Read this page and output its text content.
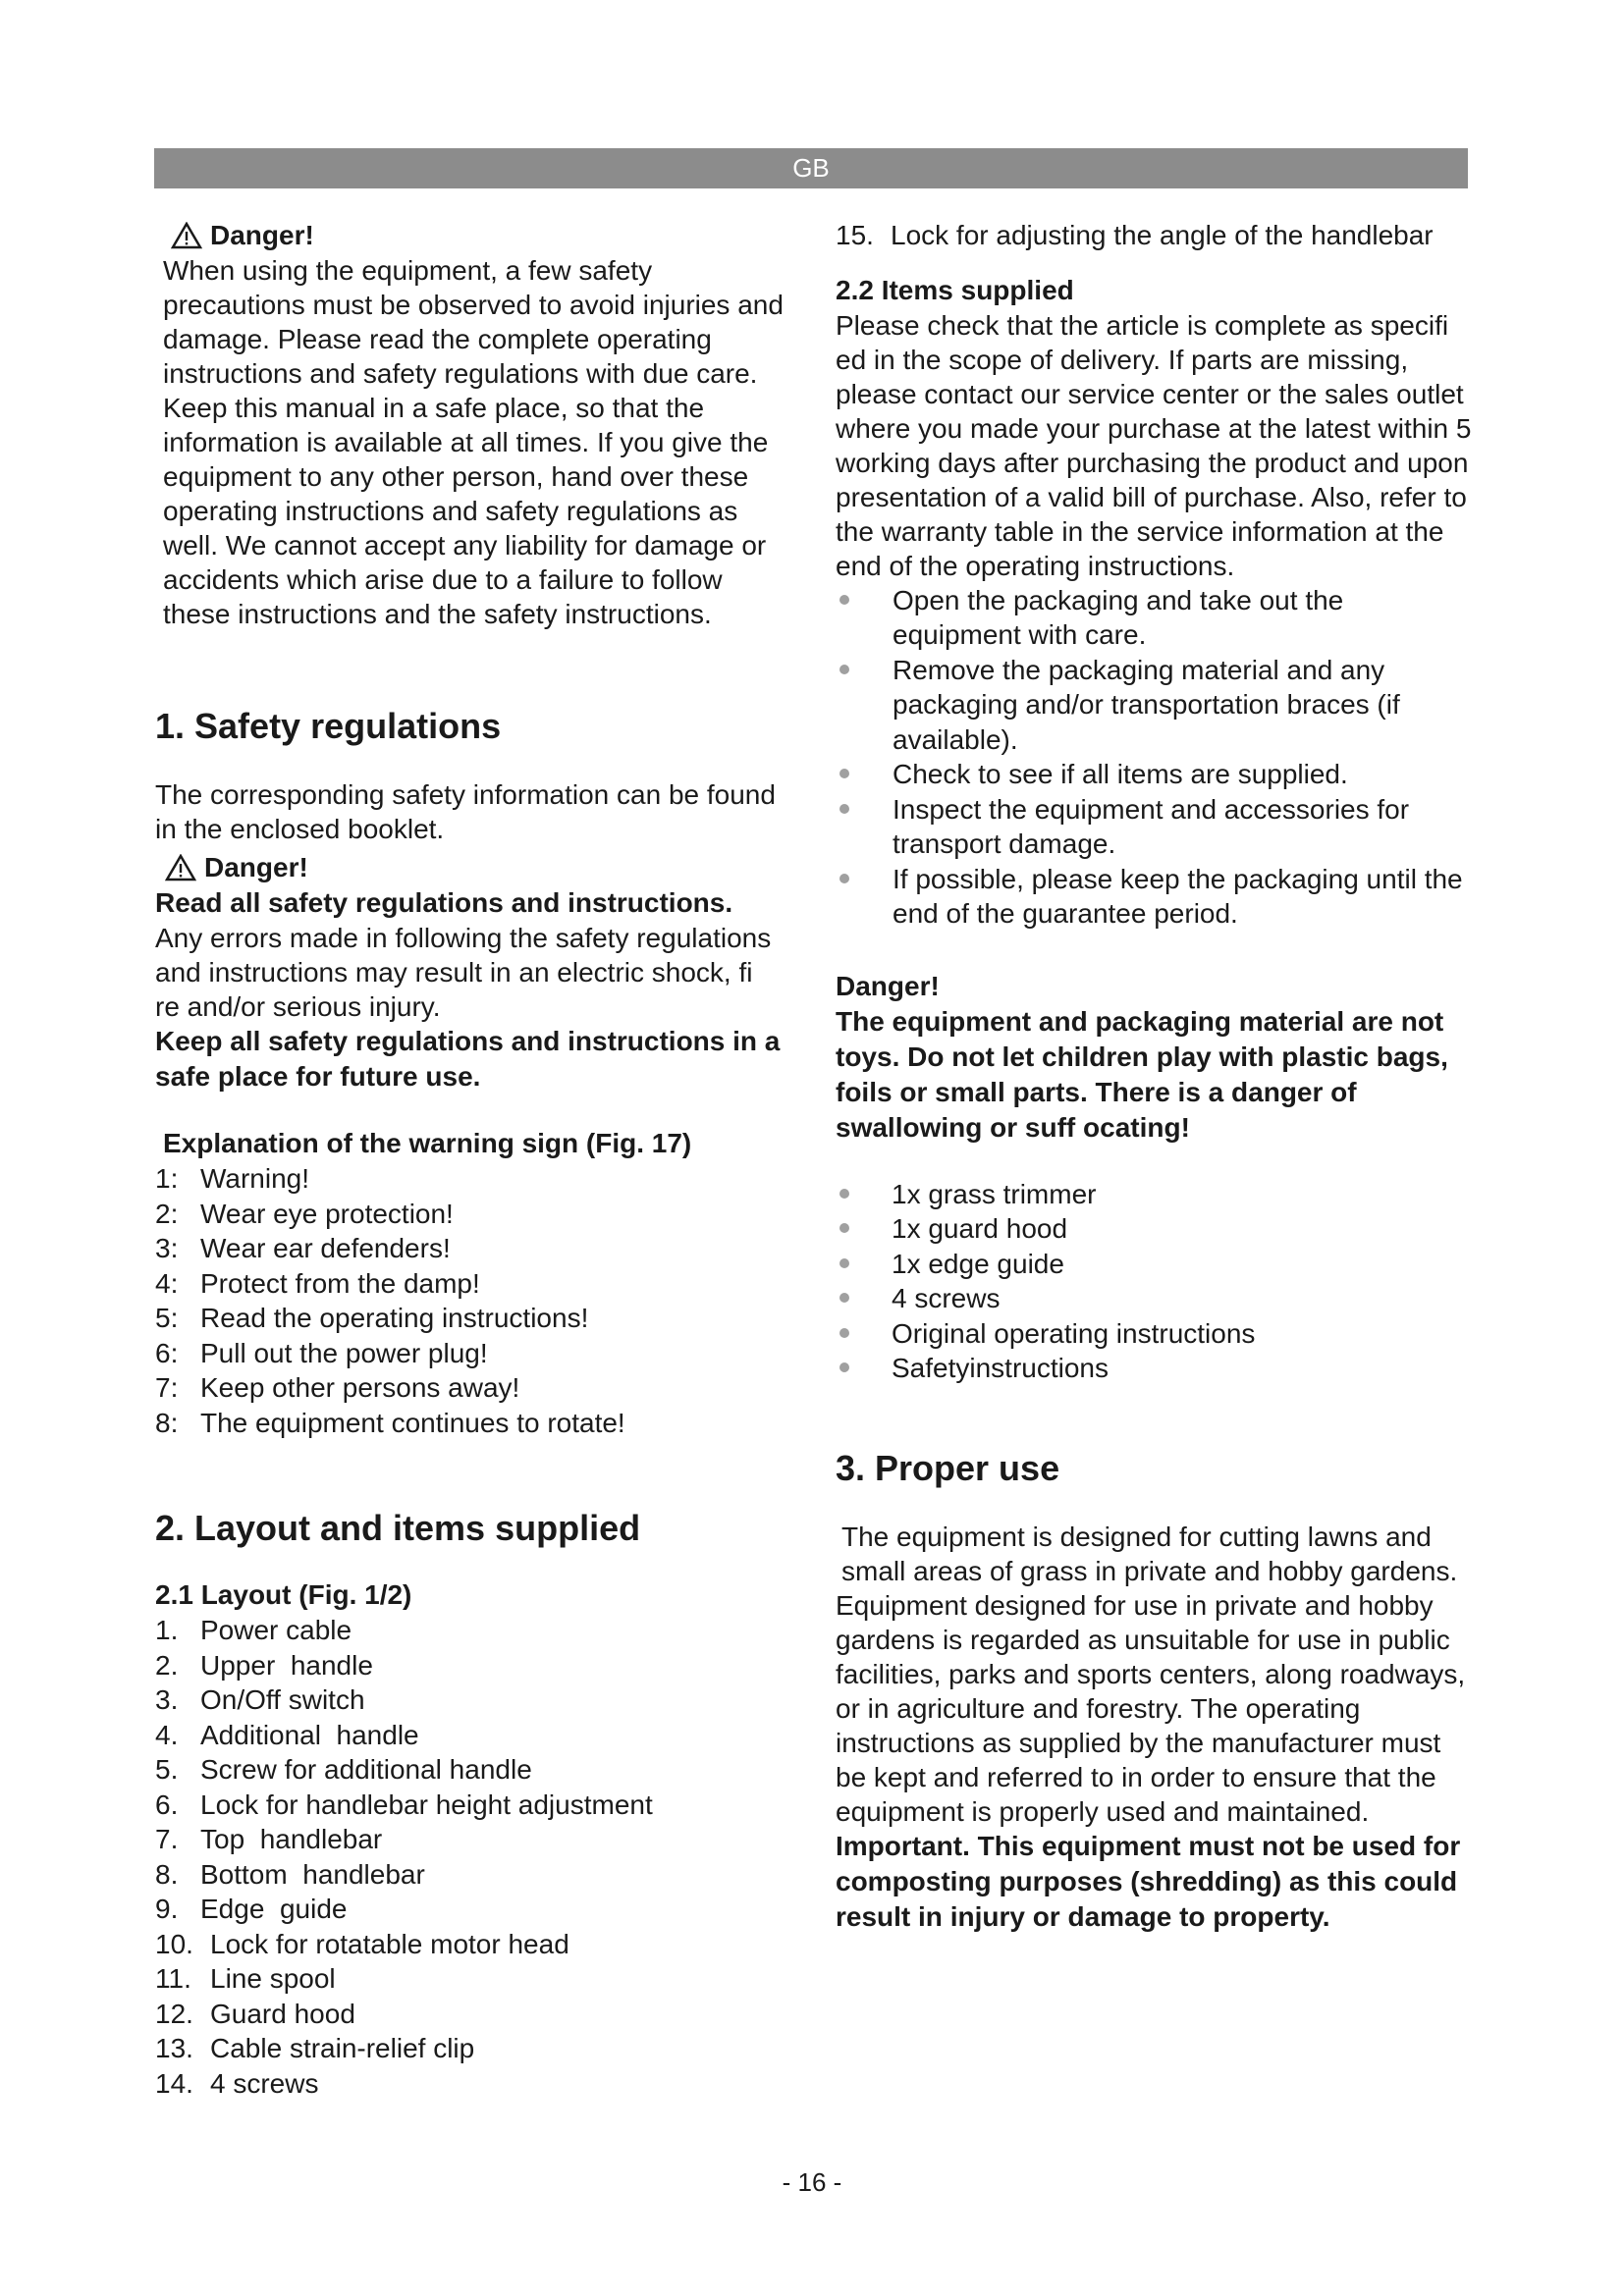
GB
Danger!

When using the equipment, a few safety precautions must be observed to avoid injuries and damage. Please read the complete operating instructions and safety regulations with due care. Keep this manual in a safe place, so that the information is available at all times. If you give the equipment to any other person, hand over these operating instructions and safety regulations as well. We cannot accept any liability for damage or accidents which arise due to a failure to follow these instructions and the safety instructions.

1. Safety regulations

The corresponding safety information can be found in the enclosed booklet.

Danger!

Read all safety regulations and instructions.

Any errors made in following the safety regulations and instructions may result in an electric shock, fi re and/or serious injury.

Keep all safety regulations and instructions in a safe place for future use.

Explanation of the warning sign (Fig. 17)
1: Warning!
2: Wear eye protection!
3: Wear ear defenders!
4: Protect from the damp!
5: Read the operating instructions!
6: Pull out the power plug!
7: Keep other persons away!
8: The equipment continues to rotate!
2. Layout and items supplied
2.1 Layout (Fig. 1/2)
1. Power cable
2. Upper  handle
3. On/Off switch
4. Additional  handle
5. Screw for additional handle
6. Lock for handlebar height adjustment
7. Top  handlebar
8. Bottom  handlebar
9. Edge  guide
10. Lock for rotatable motor head
11. Line spool
12. Guard hood
13. Cable strain-relief clip
14. 4 screws
15. Lock for adjusting the angle of the handlebar
2.2 Items supplied

Please check that the article is complete as specifi ed in the scope of delivery. If parts are missing, please contact our service center or the sales outlet where you made your purchase at the latest within 5 working days after purchasing the product and upon presentation of a valid bill of purchase. Also, refer to the warranty table in the service information at the end of the operating instructions.

Open the packaging and take out the equipment with care.
Remove the packaging material and any packaging and/or transportation braces (if available).
Check to see if all items are supplied.
Inspect the equipment and accessories for transport damage.
If possible, please keep the packaging until the end of the guarantee period.
Danger!

The equipment and packaging material are not toys. Do not let children play with plastic bags, foils or small parts. There is a danger of swallowing or suff ocating!

1x grass trimmer
1x guard hood
1x edge guide
4 screws
Original operating instructions
Safetyinstructions
3. Proper use

The equipment is designed for cutting lawns and small areas of grass in private and hobby gardens.

Equipment designed for use in private and hobby gardens is regarded as unsuitable for use in public facilities, parks and sports centers, along roadways, or in agriculture and forestry. The operating instructions as supplied by the manufacturer must be kept and referred to in order to ensure that the equipment is properly used and maintained.

Important. This equipment must not be used for composting purposes (shredding) as this could result in injury or damage to property.

- 16 -
